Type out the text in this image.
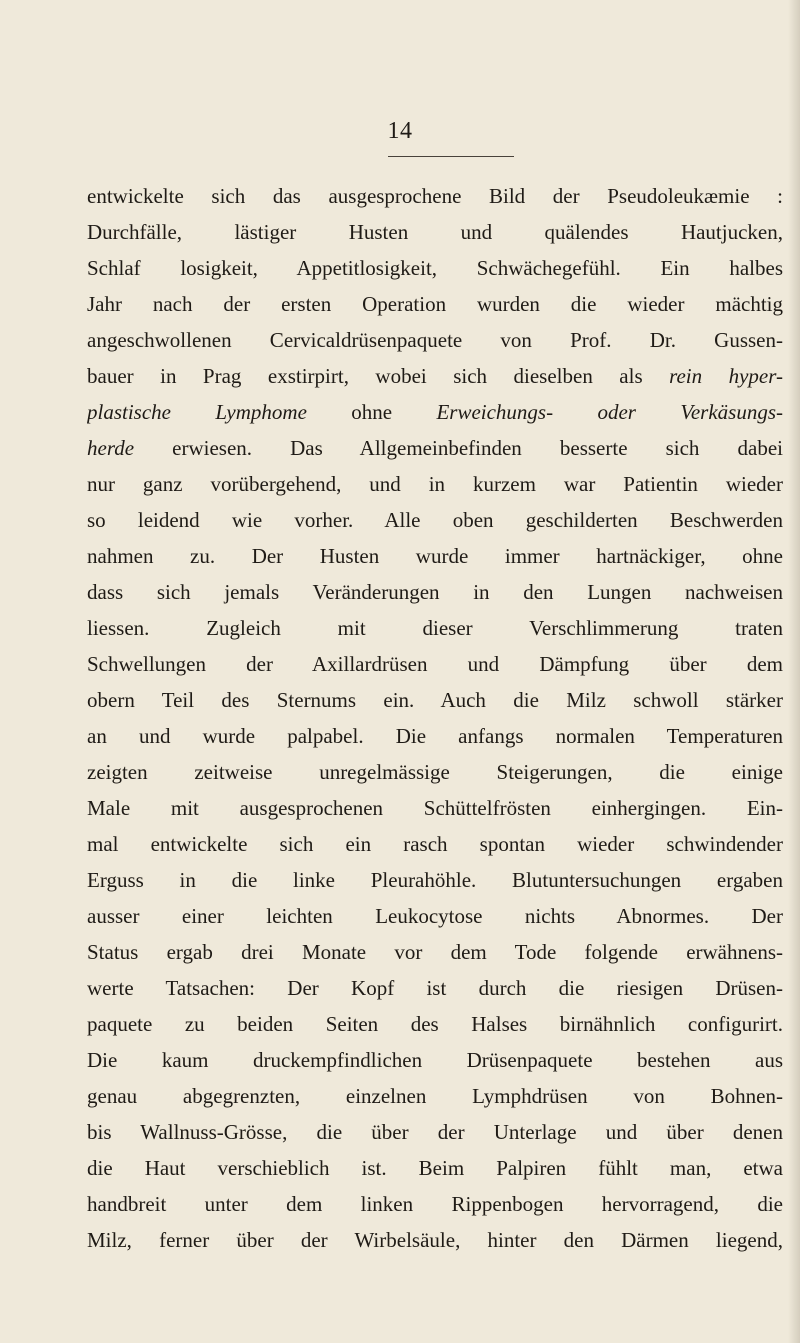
14
entwickelte sich das ausgesprochene Bild der Pseudoleukæmie :
Durchfälle, lästiger Husten und quälendes Hautjucken,
Schlaf losigkeit, Appetitlosigkeit, Schwächegefühl. Ein halbes
Jahr nach der ersten Operation wurden die wieder mächtig
angeschwollenen Cervicaldrüsenpaquete von Prof. Dr. Gussen-
bauer in Prag exstirpirt, wobei sich dieselben als rein hyper-
plastische Lymphome ohne Erweichungs- oder Verkäsungs-
herde erwiesen. Das Allgemeinbefinden besserte sich dabei
nur ganz vorübergehend, und in kurzem war Patientin wieder
so leidend wie vorher. Alle oben geschilderten Beschwerden
nahmen zu. Der Husten wurde immer hartnäckiger, ohne
dass sich jemals Veränderungen in den Lungen nachweisen
liessen. Zugleich mit dieser Verschlimmerung traten
Schwellungen der Axillardrüsen und Dämpfung über dem
obern Teil des Sternums ein. Auch die Milz schwoll stärker
an und wurde palpabel. Die anfangs normalen Temperaturen
zeigten zeitweise unregelmässige Steigerungen, die einige
Male mit ausgesprochenen Schüttelfrösten einhergingen. Ein-
mal entwickelte sich ein rasch spontan wieder schwindender
Erguss in die linke Pleurahöhle. Blutuntersuchungen ergaben
ausser einer leichten Leukocytose nichts Abnormes. Der
Status ergab drei Monate vor dem Tode folgende erwähnens-
werte Tatsachen: Der Kopf ist durch die riesigen Drüsen-
paquete zu beiden Seiten des Halses birnähnlich configurirt.
Die kaum druckempfindlichen Drüsenpaquete bestehen aus
genau abgegrenzten, einzelnen Lymphdrüsen von Bohnen-
bis Wallnuss-Grösse, die über der Unterlage und über denen
die Haut verschieblich ist. Beim Palpiren fühlt man, etwa
handbreit unter dem linken Rippenbogen hervorragend, die
Milz, ferner über der Wirbelsäule, hinter den Därmen liegend,
